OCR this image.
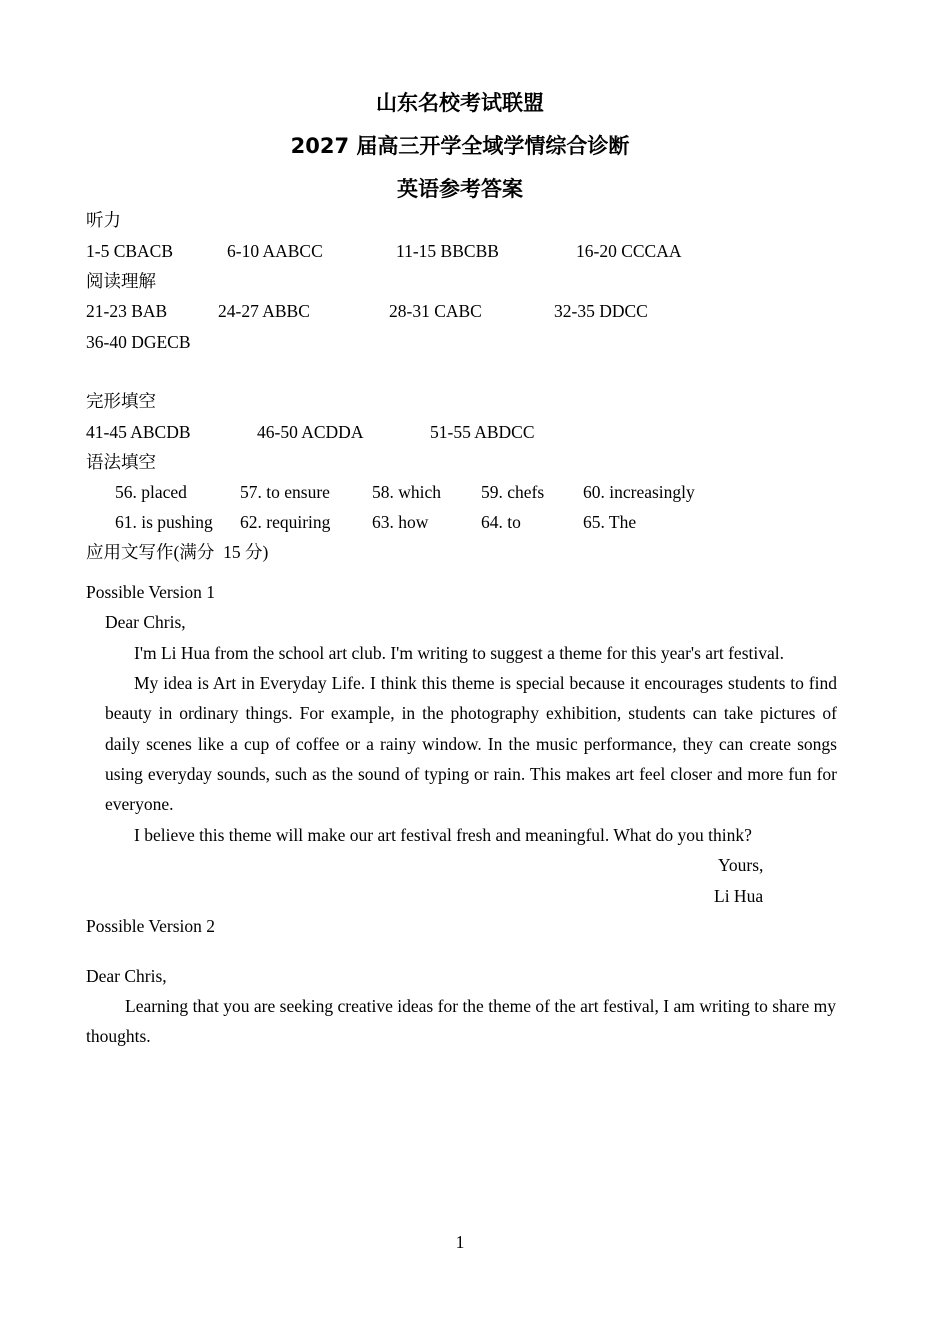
山东名校考试联盟
2027 届高三开学全域学情综合诊断
英语参考答案
听力
1-5 CBACB	6-10 AABCC	11-15 BBCBB	16-20 CCCAA
阅读理解
21-23 BAB	24-27 ABBC	28-31 CABC	32-35 DDCC
36-40 DGECB
完形填空
41-45 ABCDB	46-50 ACDDA	51-55 ABDCC
语法填空
56. placed	57. to ensure 58. which 59. chefs 60. increasingly
61. is pushing 62. requiring 63. how	64. to	65. The
应用文写作(满分  15 分)
Possible Version 1
Dear Chris,
I'm Li Hua from the school art club. I'm writing to suggest a theme for this year's art festival.
My idea is Art in Everyday Life. I think this theme is special because it encourages students to find beauty in ordinary things. For example, in the photography exhibition, students can take pictures of daily scenes like a cup of coffee or a rainy window. In the music performance, they can create songs using everyday sounds, such as the sound of typing or rain. This makes art feel closer and more fun for everyone.
I believe this theme will make our art festival fresh and meaningful. What do you think?
Yours,
Li Hua
Possible Version 2
Dear Chris,
Learning that you are seeking creative ideas for the theme of the art festival, I am writing to share my thoughts.
1
